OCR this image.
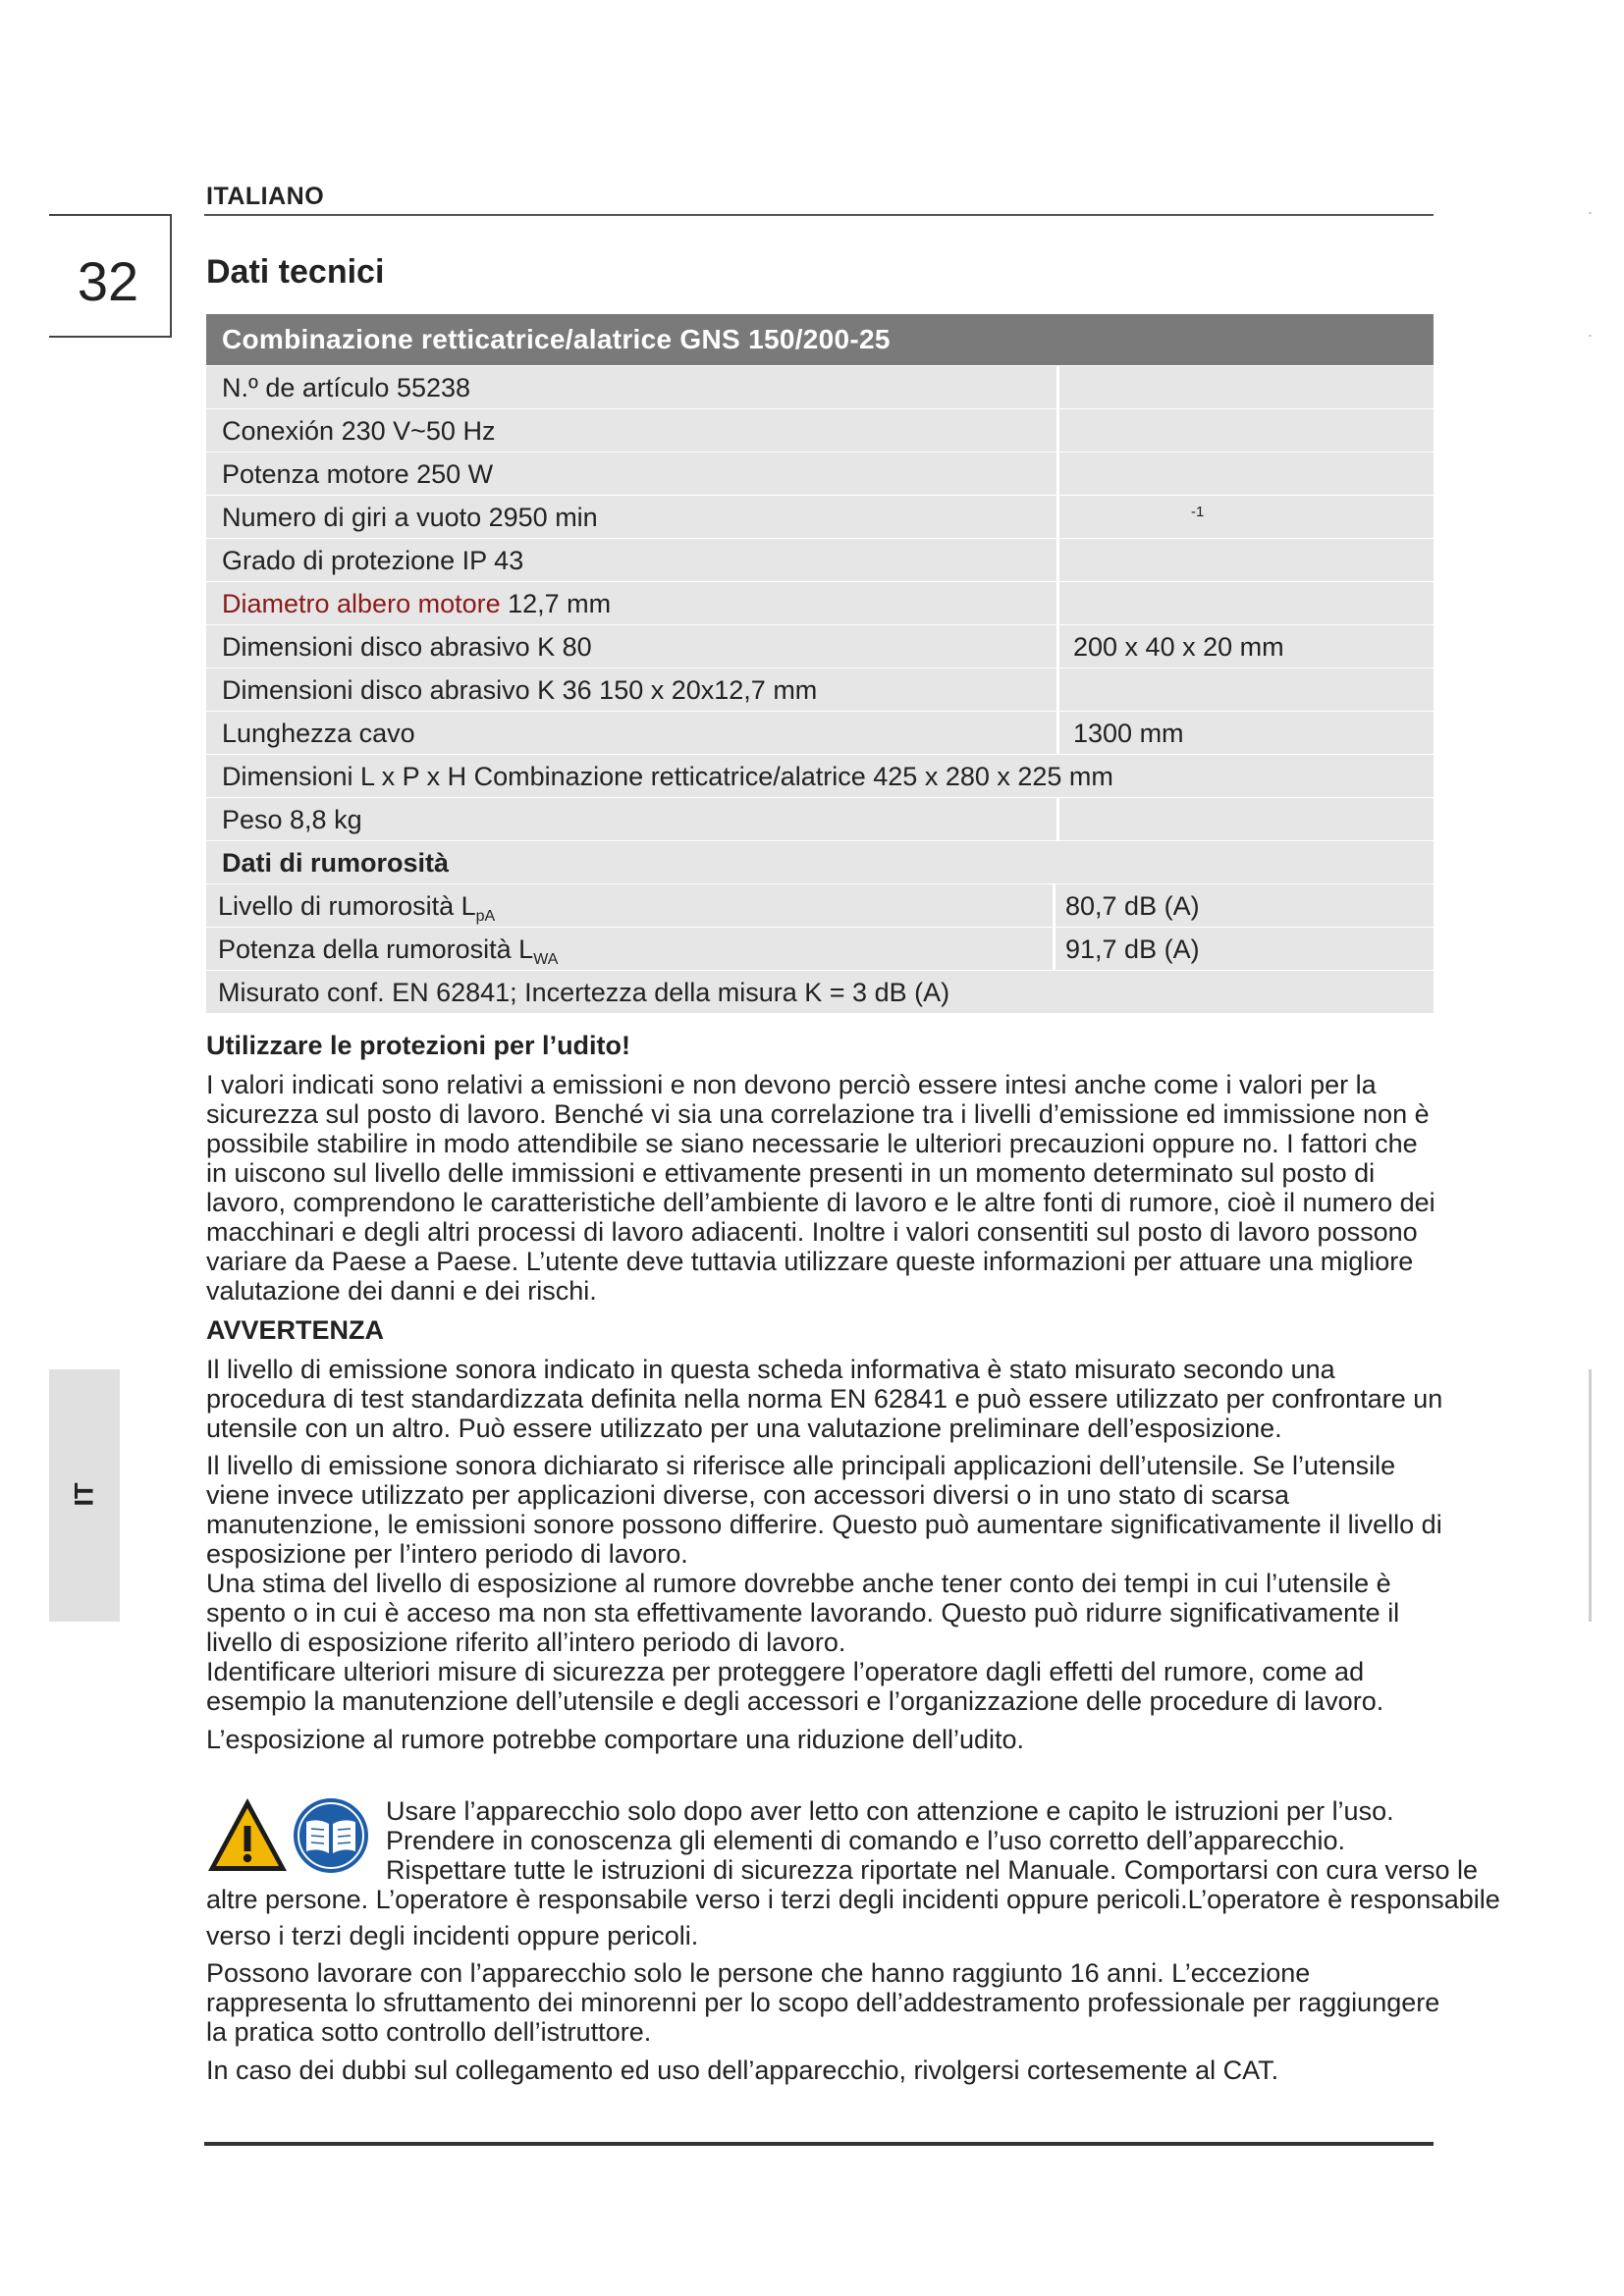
ITALIANO
32	Dati tecnici
Combinazione retticatrice/alatrice GNS 150/200-25
N.º de artículo 55238
Conexión 230 V~50 Hz
Potenza motore 250 W
Numero di giri a vuoto 2950 min	$^{-1}$
Grado di protezione IP 43
Diametro albero motore 12,7 mm
Dimensioni disco abrasivo K 80	200 x 40 x 20 mm
Dimensioni disco abrasivo K 36 150 x 20x12,7 mm
Lunghezza cavo	1300 mm
Dimensioni L x P x H Combinazione retticatrice/alatrice 425 x 280 x 225 mm
Peso 8,8 kg
Dati di rumorosità
Livello di rumorosità $L_{pA}$	80,7 dB (A)
Potenza della rumorosità $L_{WA}$	91,7 dB (A)
Misurato conf. EN 62841; Incertezza della misura K = 3 dB (A)
Utilizzare le protezioni per l’udito!
I valori indicati sono relativi a emissioni e non devono perciò essere intesi anche come i valori per la sicurezza sul posto di lavoro. Benché vi sia una correlazione tra i livelli d’emissione ed immissione non è possibile stabilire in modo attendibile se siano necessarie le ulteriori precauzioni oppure no. I fattori che in uiscono sul livello delle immissioni e ettivamente presenti in un momento determinato sul posto di lavoro, comprendono le caratteristiche dell’ambiente di lavoro e le altre fonti di rumore, cioè il numero dei macchinari e degli altri processi di lavoro adiacenti. Inoltre i valori consentiti sul posto di lavoro possono variare da Paese a Paese. L’utente deve tuttavia utilizzare queste informazioni per attuare una migliore valutazione dei danni e dei rischi.
AVVERTENZA
Il livello di emissione sonora indicato in questa scheda informativa è stato misurato secondo una procedura di test standardizzata definita nella norma EN 62841 e può essere utilizzato per confrontare un utensile con un altro. Può essere utilizzato per una valutazione preliminare dell’esposizione.
Il livello di emissione sonora dichiarato si riferisce alle principali applicazioni dell’utensile. Se l’utensile viene invece utilizzato per applicazioni diverse, con accessori diversi o in uno stato di scarsa manutenzione, le emissioni sonore possono differire. Questo può aumentare significativamente il livello di esposizione per l’intero periodo di lavoro.
Una stima del livello di esposizione al rumore dovrebbe anche tener conto dei tempi in cui l’utensile è spento o in cui è acceso ma non sta effettivamente lavorando. Questo può ridurre significativamente il livello di esposizione riferito all’intero periodo di lavoro.
Identificare ulteriori misure di sicurezza per proteggere l’operatore dagli effetti del rumore, come ad esempio la manutenzione dell’utensile e degli accessori e l’organizzazione delle procedure di lavoro.
L’esposizione al rumore potrebbe comportare una riduzione dell’udito.
Usare l’apparecchio solo dopo aver letto con attenzione e capito le istruzioni per l’uso.
Prendere in conoscenza gli elementi di comando e l’uso corretto dell’apparecchio.
Rispettare tutte le istruzioni di sicurezza riportate nel Manuale. Comportarsi con cura verso le
altre persone. L’operatore è responsabile verso i terzi degli incidenti oppure pericoli.L’operatore è responsabile
verso i terzi degli incidenti oppure pericoli.
Possono lavorare con l’apparecchio solo le persone che hanno raggiunto 16 anni. L’eccezione rappresenta lo sfruttamento dei minorenni per lo scopo dell’addestramento professionale per raggiungere la pratica sotto controllo dell’istruttore.
In caso dei dubbi sul collegamento ed uso dell’apparecchio, rivolgersi cortesemente al CAT.
IT
